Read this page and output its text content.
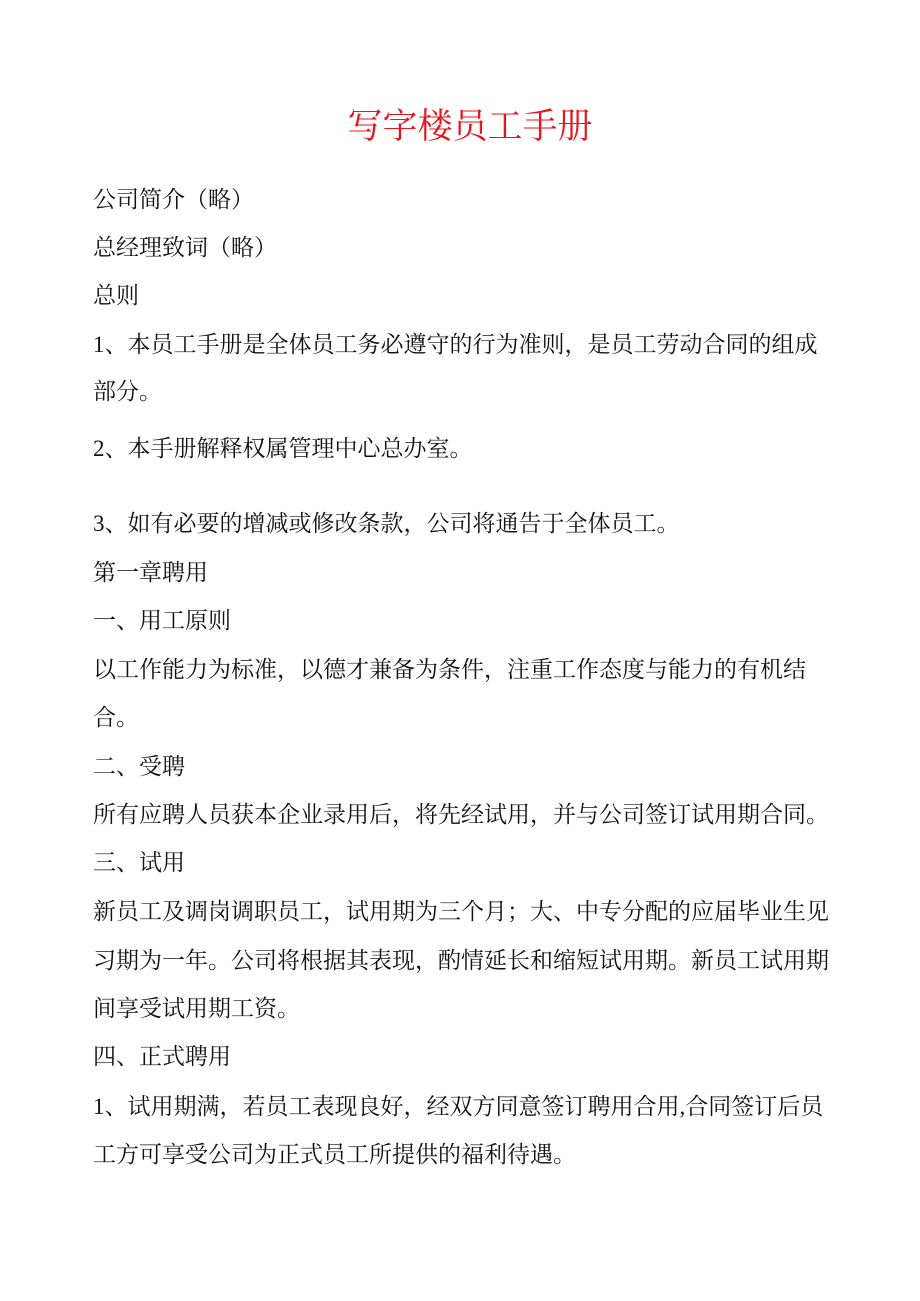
写字楼员工手册
公司简介（略）
总经理致词（略）
总则
1、本员工手册是全体员工务必遵守的行为准则，是员工劳动合同的组成
部分。
2、本手册解释权属管理中心总办室。
3、如有必要的增减或修改条款，公司将通告于全体员工。
第一章聘用
一、用工原则
以工作能力为标准，以德才兼备为条件，注重工作态度与能力的有机结
合。
二、受聘
所有应聘人员获本企业录用后，将先经试用，并与公司签订试用期合同。
三、试用
新员工及调岗调职员工，试用期为三个月；大、中专分配的应届毕业生见
习期为一年。公司将根据其表现，酌情延长和缩短试用期。新员工试用期
间享受试用期工资。
四、正式聘用
1、试用期满，若员工表现良好，经双方同意签订聘用合用,合同签订后员
工方可享受公司为正式员工所提供的福利待遇。
